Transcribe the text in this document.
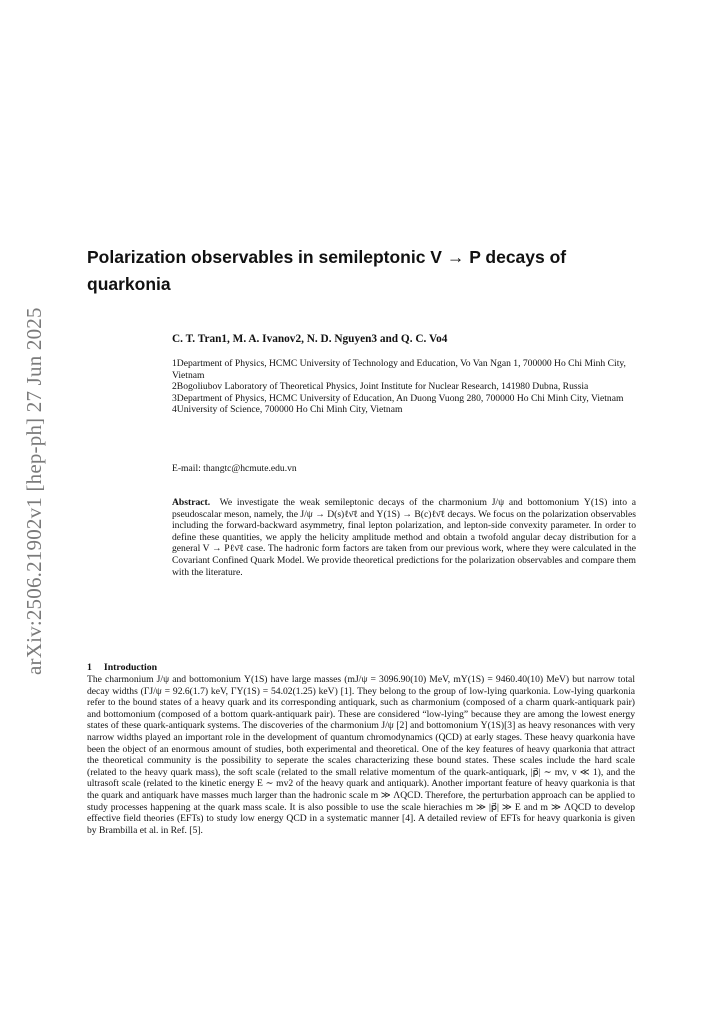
arXiv:2506.21902v1 [hep-ph] 27 Jun 2025
Polarization observables in semileptonic V → P decays of quarkonia

C. T. Tran1, M. A. Ivanov2, N. D. Nguyen3 and Q. C. Vo4

1Department of Physics, HCMC University of Technology and Education, Vo Van Ngan 1, 700000 Ho Chi Minh City, Vietnam

2Bogoliubov Laboratory of Theoretical Physics, Joint Institute for Nuclear Research, 141980 Dubna, Russia

3Department of Physics, HCMC University of Education, An Duong Vuong 280, 700000 Ho Chi Minh City, Vietnam

4University of Science, 700000 Ho Chi Minh City, Vietnam

E-mail: thangtc@hcmute.edu.vn

Abstract. We investigate the weak semileptonic decays of the charmonium J/ψ and bottomonium Υ(1S) into a pseudoscalar meson, namely, the J/ψ → D(s)ℓν̄ℓ and Υ(1S) → B(c)ℓν̄ℓ decays. We focus on the polarization observables including the forward-backward asymmetry, final lepton polarization, and lepton-side convexity parameter. In order to define these quantities, we apply the helicity amplitude method and obtain a twofold angular decay distribution for a general V → Pℓν̄ℓ case. The hadronic form factors are taken from our previous work, where they were calculated in the Covariant Confined Quark Model. We provide theoretical predictions for the polarization observables and compare them with the literature.

1 Introduction

The charmonium J/ψ and bottomonium Υ(1S) have large masses (mJ/ψ = 3096.90(10) MeV, mΥ(1S) = 9460.40(10) MeV) but narrow total decay widths (ΓJ/ψ = 92.6(1.7) keV, ΓΥ(1S) = 54.02(1.25) keV) [1]. They belong to the group of low-lying quarkonia. Low-lying quarkonia refer to the bound states of a heavy quark and its corresponding antiquark, such as charmonium (composed of a charm quark-antiquark pair) and bottomonium (composed of a bottom quark-antiquark pair). These are considered “low-lying” because they are among the lowest energy states of these quark-antiquark systems. The discoveries of the charmonium J/ψ [2] and bottomonium Υ(1S)[3] as heavy resonances with very narrow widths played an important role in the development of quantum chromodynamics (QCD) at early stages. These heavy quarkonia have been the object of an enormous amount of studies, both experimental and theoretical. One of the key features of heavy quarkonia that attract the theoretical community is the possibility to seperate the scales characterizing these bound states. These scales include the hard scale (related to the heavy quark mass), the soft scale (related to the small relative momentum of the quark-antiquark, |p⃗| ∼ mv, v ≪ 1), and the ultrasoft scale (related to the kinetic energy E ∼ mv2 of the heavy quark and antiquark). Another important feature of heavy quarkonia is that the quark and antiquark have masses much larger than the hadronic scale m ≫ ΛQCD. Therefore, the perturbation approach can be applied to study processes happening at the quark mass scale. It is also possible to use the scale hierachies m ≫ |p⃗| ≫ E and m ≫ ΛQCD to develop effective field theories (EFTs) to study low energy QCD in a systematic manner [4]. A detailed review of EFTs for heavy quarkonia is given by Brambilla et al. in Ref. [5].
